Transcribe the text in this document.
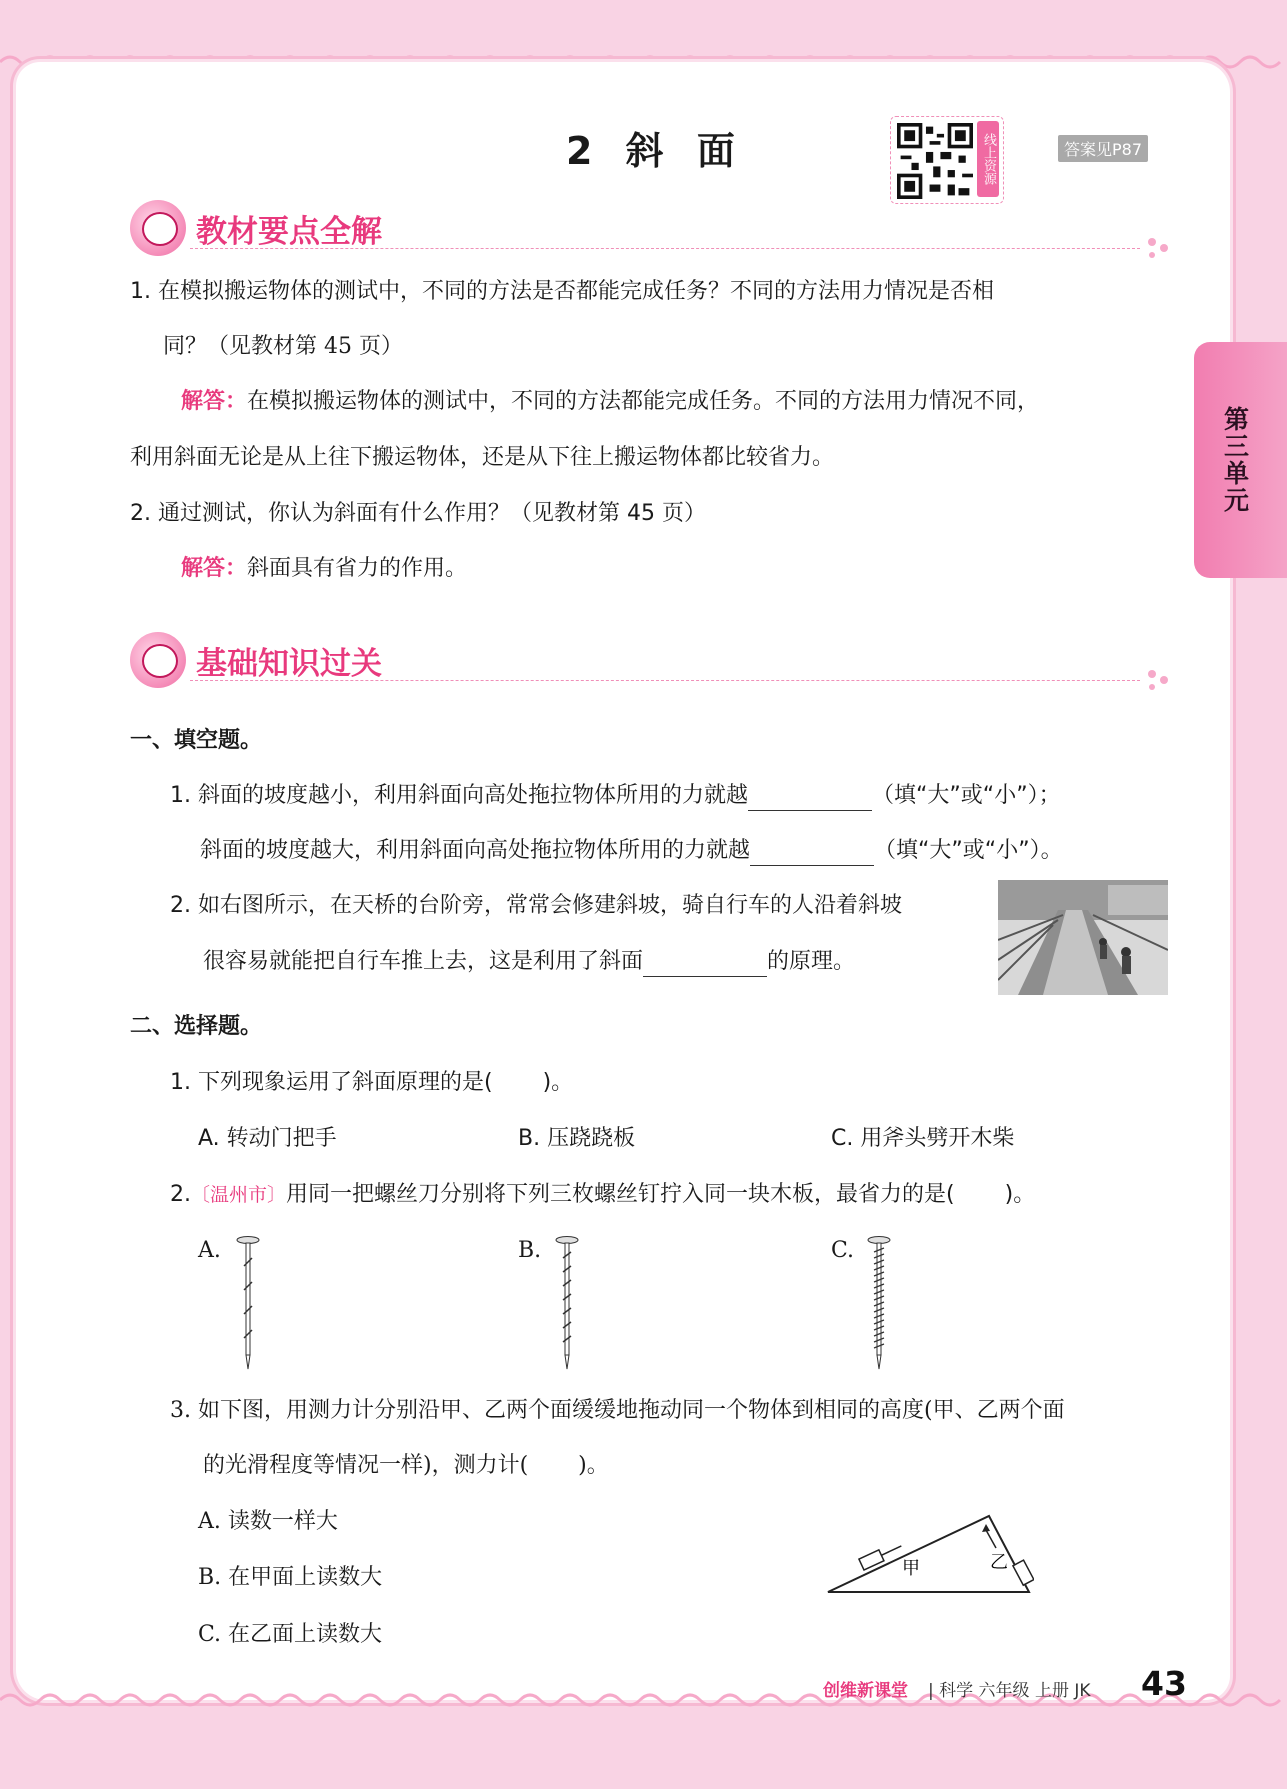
第三单元
2 斜 面	线上资源	答案见P87
教材要点全解
1. 在模拟搬运物体的测试中，不同的方法是否都能完成任务？不同的方法用力情况是否相
同？（见教材第 45 页）
解答：在模拟搬运物体的测试中，不同的方法都能完成任务。不同的方法用力情况不同，
利用斜面无论是从上往下搬运物体，还是从下往上搬运物体都比较省力。
2. 通过测试，你认为斜面有什么作用？（见教材第 45 页）
解答：斜面具有省力的作用。
基础知识过关
一、填空题。
1. 斜面的坡度越小，利用斜面向高处拖拉物体所用的力就越	（填“大”或“小”）；
斜面的坡度越大，利用斜面向高处拖拉物体所用的力就越	（填“大”或“小”）。
2. 如右图所示，在天桥的台阶旁，常常会修建斜坡，骑自行车的人沿着斜坡
很容易就能把自行车推上去，这是利用了斜面	的原理。
二、选择题。
1. 下列现象运用了斜面原理的是( )。
A. 转动门把手	B. 压跷跷板	C. 用斧头劈开木柴
2.〔温州市〕用同一把螺丝刀分别将下列三枚螺丝钉拧入同一块木板，最省力的是( )。
A.	B.	C.
3. 如下图，用测力计分别沿甲、乙两个面缓缓地拖动同一个物体到相同的高度(甲、乙两个面
的光滑程度等情况一样)，测力计( )。
A. 读数一样大
B. 在甲面上读数大
C. 在乙面上读数大
甲	乙
创维新课堂 | 科学 六年级 上册 JK 43
